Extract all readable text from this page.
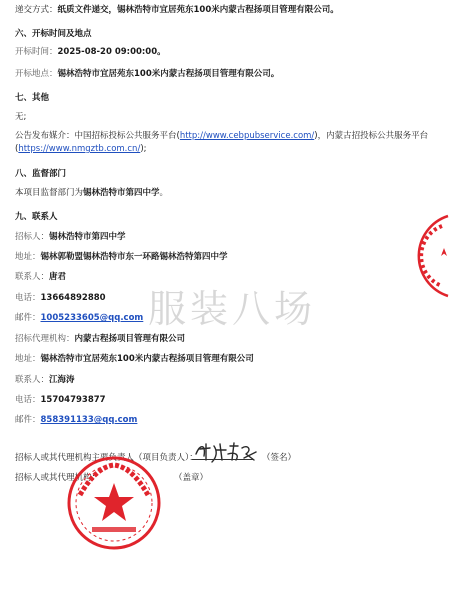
递交方式：纸质文件递交，锡林浩特市宜居苑东100米内蒙古程扬项目管理有限公司。
六、开标时间及地点
开标时间：2025-08-20 09:00:00。
开标地点：锡林浩特市宜居苑东100米内蒙古程扬项目管理有限公司。
七、其他
无;
公告发布媒介：中国招标投标公共服务平台(http://www.cebpubservice.com/)，内蒙古招投标公共服务平台
(https://www.nmgztb.com.cn/);
八、监督部门
本项目监督部门为锡林浩特市第四中学。
九、联系人
招标人：锡林浩特市第四中学
地址：锡林郭勒盟锡林浩特市东一环路锡林浩特第四中学
联系人：唐君
电话：13664892880
邮件：1005233605@qq.com
招标代理机构：内蒙古程扬项目管理有限公司
地址：锡林浩特市宜居苑东100米内蒙古程扬项目管理有限公司
联系人：江海涛
电话：15704793877
邮件：858391133@qq.com
招标人或其代理机构主要负责人（项目负责人）：	（签名）
招标人或其代理机构：	（盖章）
服装八场
